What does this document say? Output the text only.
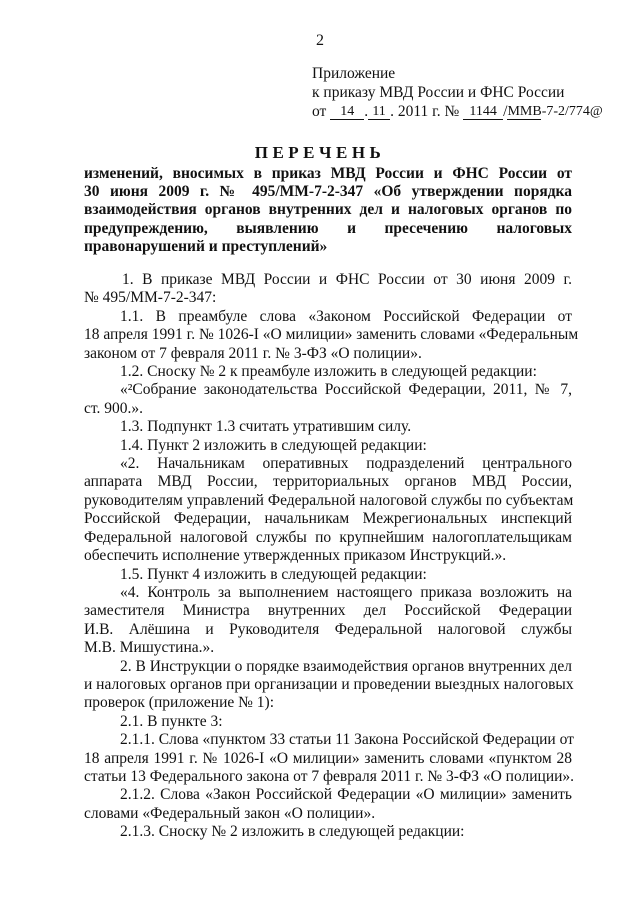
2
Приложение
к приказу МВД России и ФНС России
от 14 . 11 . 2011 г. № 1144 /ММВ-7-2/774@
ПЕРЕЧЕНЬ
изменений, вносимых в приказ МВД России и ФНС России от
30 июня 2009 г. № 495/ММ-7-2-347 «Об утверждении порядка
взаимодействия органов внутренних дел и налоговых органов по
предупреждению, выявлению и пресечению налоговых
правонарушений и преступлений»
1. В приказе МВД России и ФНС России от 30 июня 2009 г.
№ 495/ММ-7-2-347:
1.1. В преамбуле слова «Законом Российской Федерации от
18 апреля 1991 г. № 1026-I «О милиции» заменить словами «Федеральным
законом от 7 февраля 2011 г. № 3-ФЗ «О полиции».
1.2. Сноску № 2 к преамбуле изложить в следующей редакции:
«²Собрание законодательства Российской Федерации, 2011, № 7,
ст. 900.».
1.3. Подпункт 1.3 считать утратившим силу.
1.4. Пункт 2 изложить в следующей редакции:
«2. Начальникам оперативных подразделений центрального
аппарата МВД России, территориальных органов МВД России,
руководителям управлений Федеральной налоговой службы по субъектам
Российской Федерации, начальникам Межрегиональных инспекций
Федеральной налоговой службы по крупнейшим налогоплательщикам
обеспечить исполнение утвержденных приказом Инструкций.».
1.5. Пункт 4 изложить в следующей редакции:
«4. Контроль за выполнением настоящего приказа возложить на
заместителя Министра внутренних дел Российской Федерации
И.В. Алёшина и Руководителя Федеральной налоговой службы
М.В. Мишустина.».
2. В Инструкции о порядке взаимодействия органов внутренних дел
и налоговых органов при организации и проведении выездных налоговых
проверок (приложение № 1):
2.1. В пункте 3:
2.1.1. Слова «пунктом 33 статьи 11 Закона Российской Федерации от
18 апреля 1991 г. № 1026-I «О милиции» заменить словами «пунктом 28
статьи 13 Федерального закона от 7 февраля 2011 г. № 3-ФЗ «О полиции».
2.1.2. Слова «Закон Российской Федерации «О милиции» заменить
словами «Федеральный закон «О полиции».
2.1.3. Сноску № 2 изложить в следующей редакции:
